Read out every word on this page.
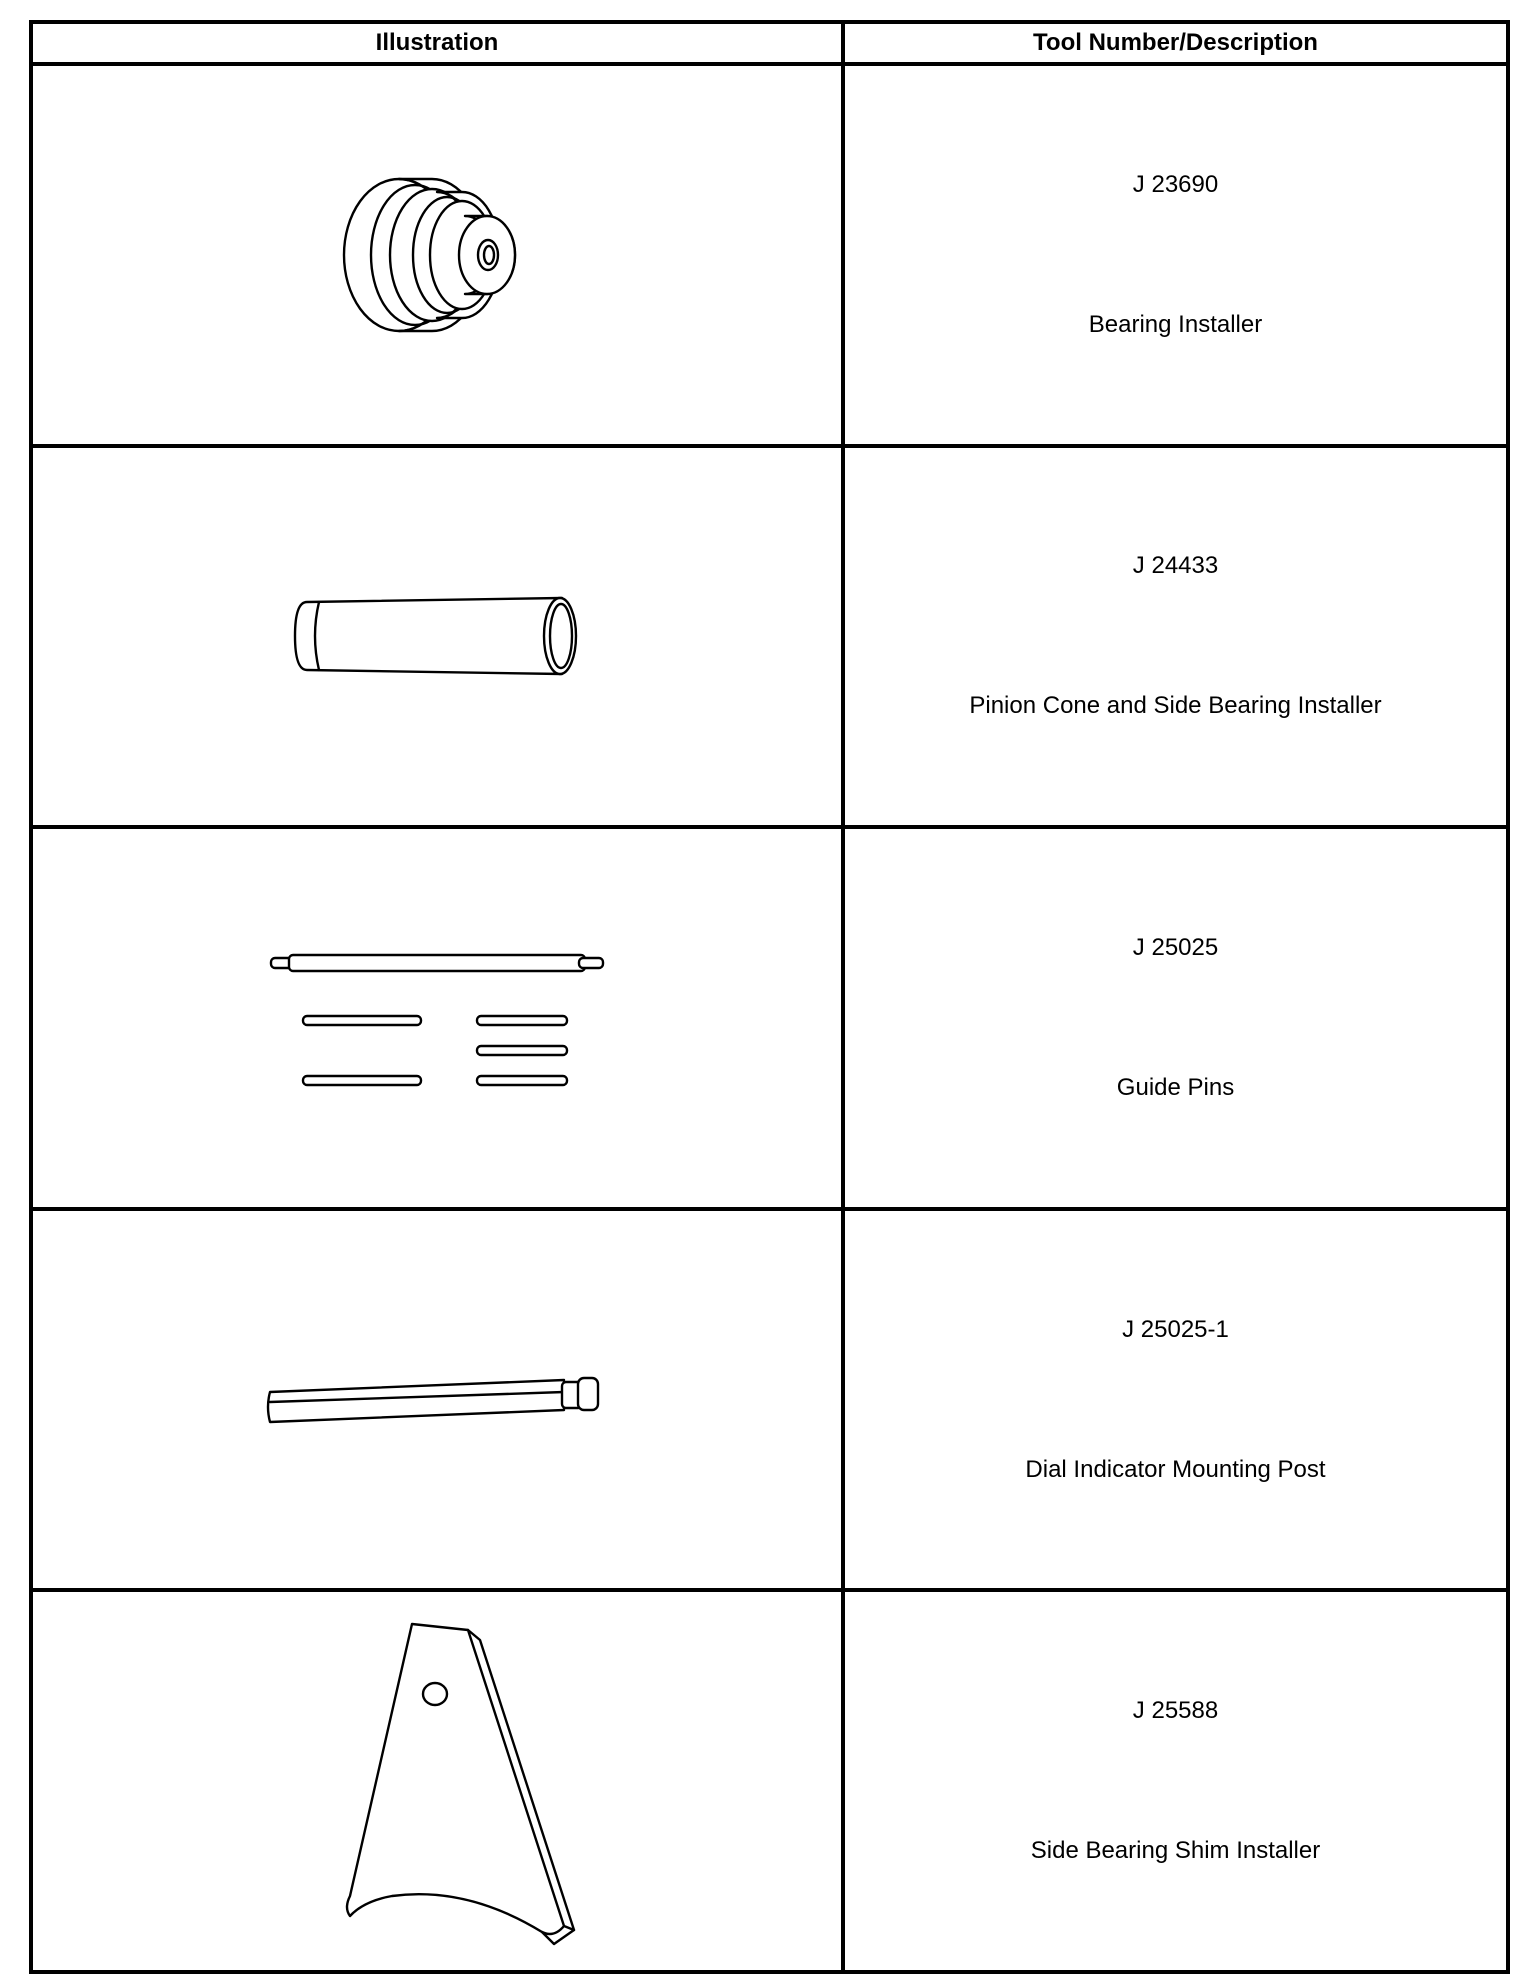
Illustration	Tool Number/Description

J 23690
Bearing Installer

J 24433
Pinion Cone and Side Bearing Installer

J 25025
Guide Pins

J 25025-1
Dial Indicator Mounting Post

J 25588
Side Bearing Shim Installer
